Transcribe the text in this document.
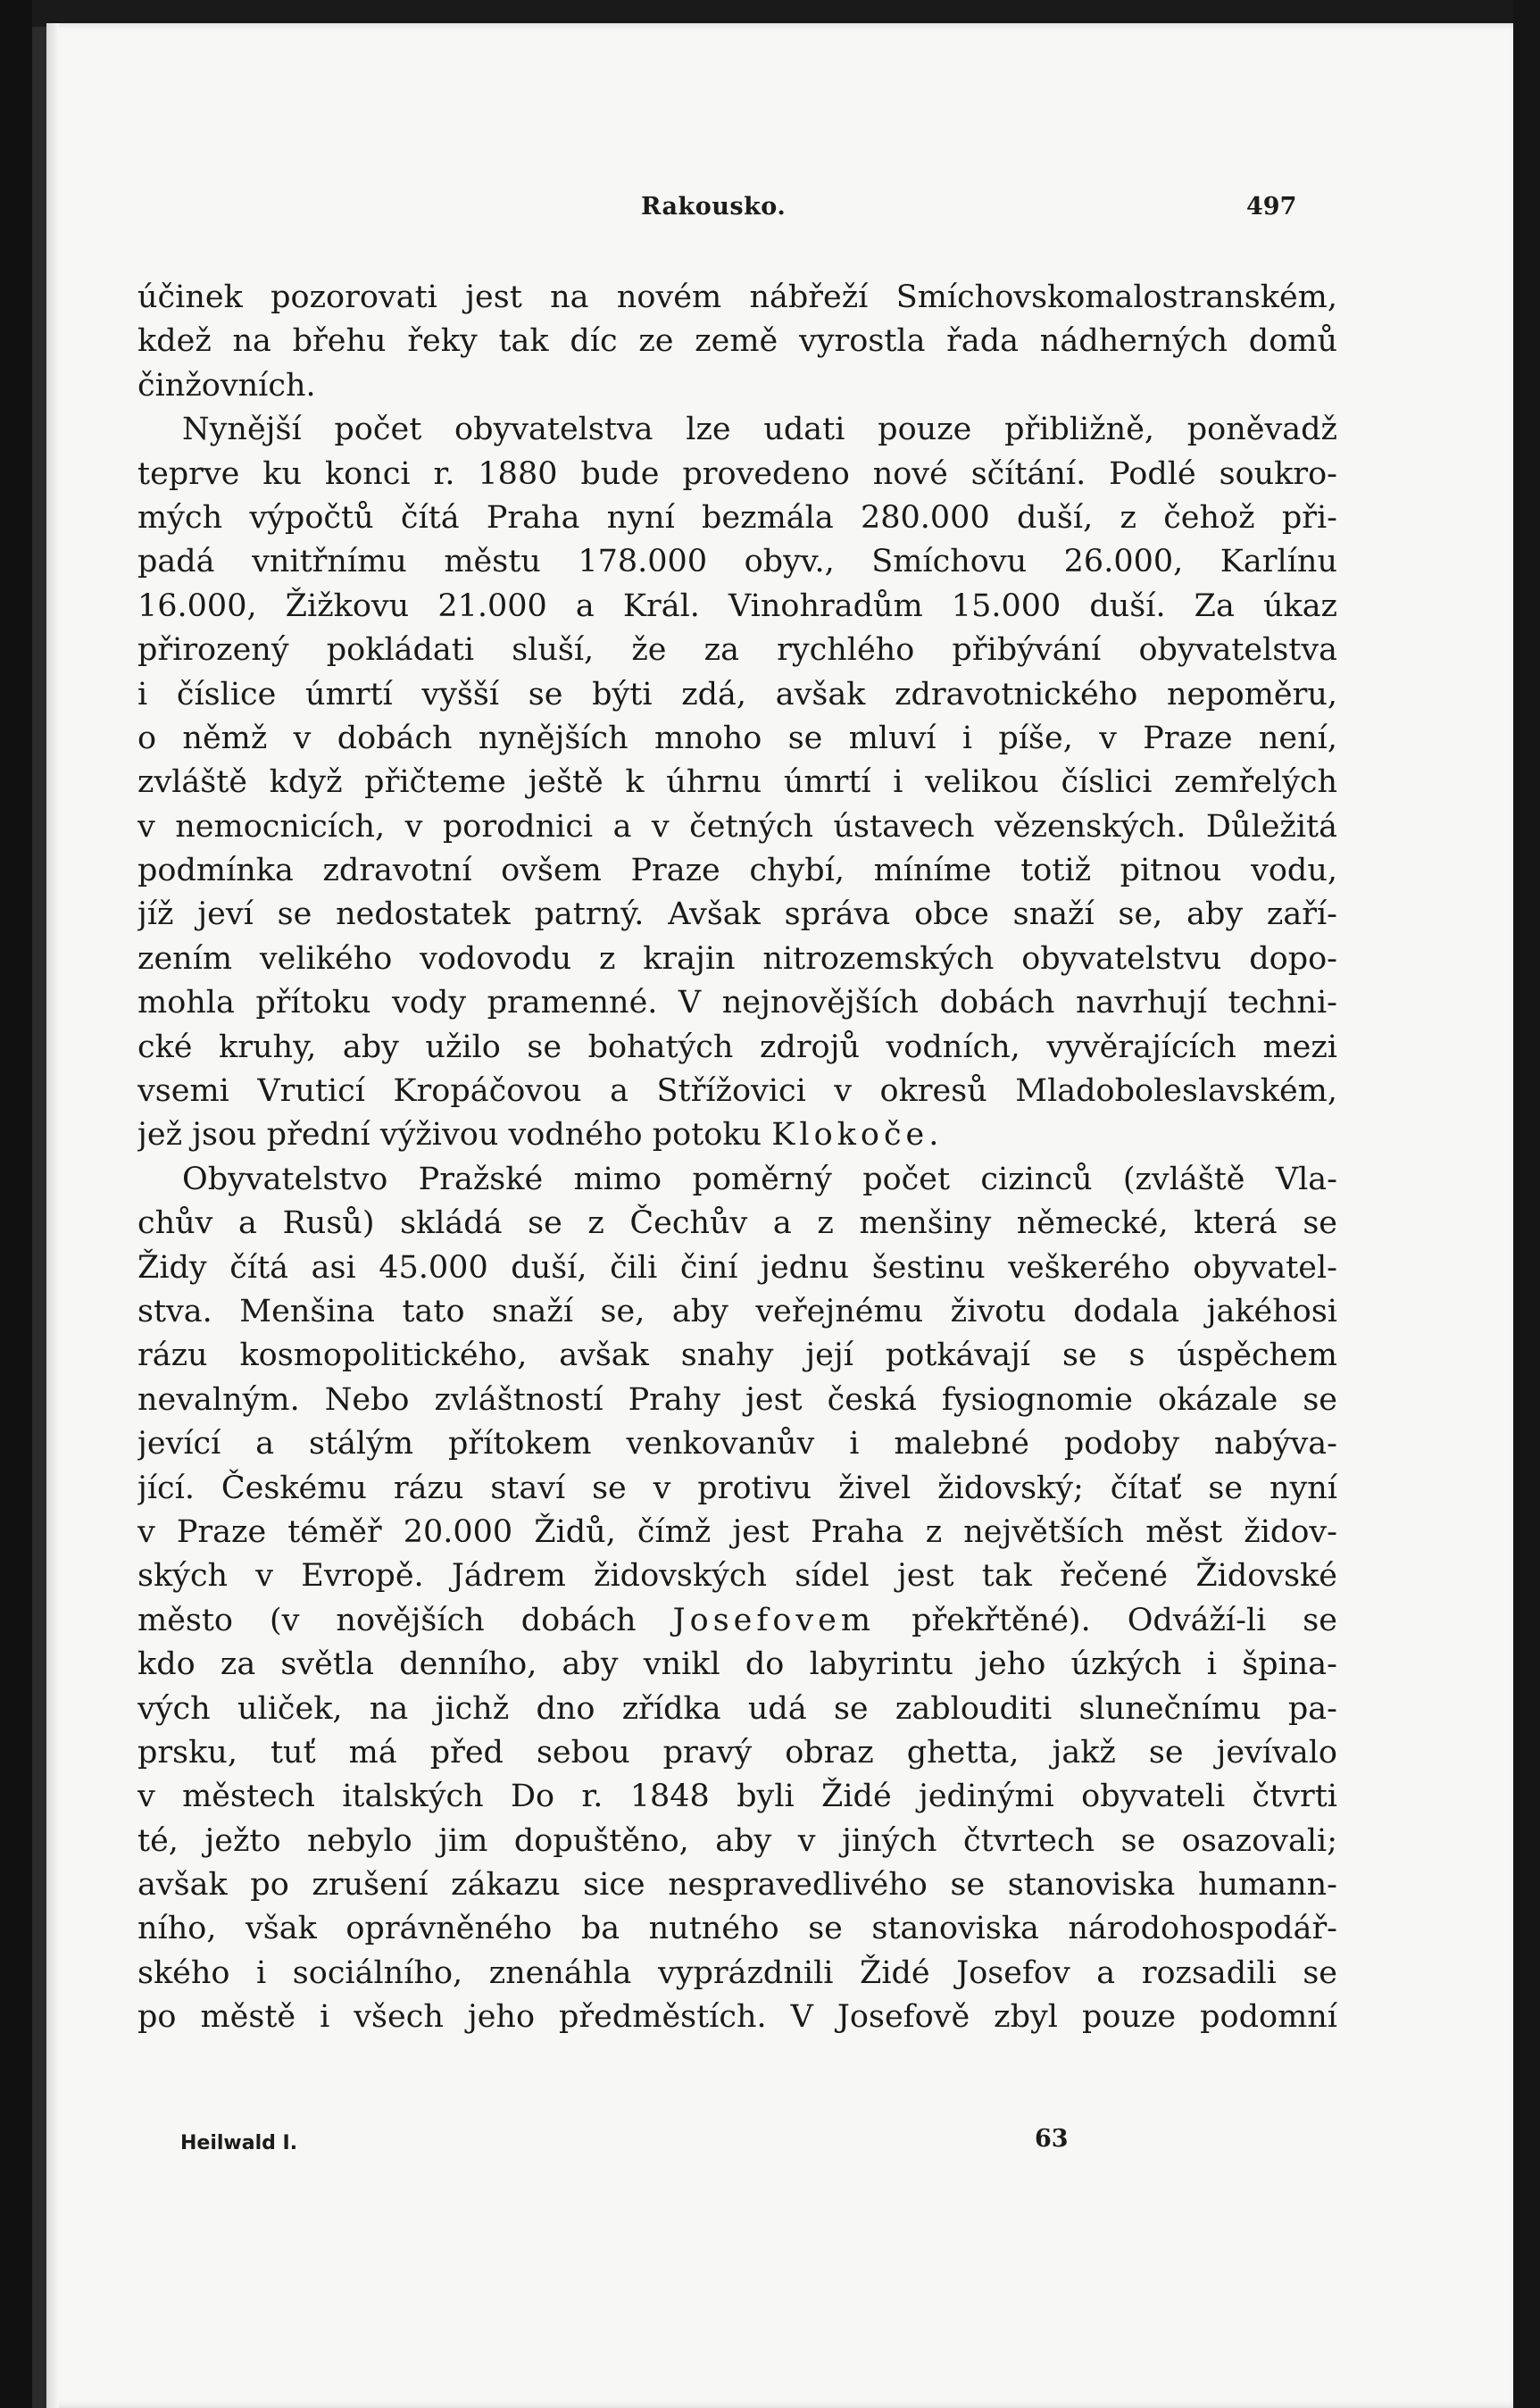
Rakousko.	497
účinek pozorovati jest na novém nábřeží Smíchovskomalostranském,
kdež na břehu řeky tak díc ze země vyrostla řada nádherných domů
činžovních.
Nynější počet obyvatelstva lze udati pouze přibližně, poněvadž
teprve ku konci r. 1880 bude provedeno nové sčítání. Podlé soukro-
mých výpočtů čítá Praha nyní bezmála 280.000 duší, z čehož při-
padá vnitřnímu městu 178.000 obyv., Smíchovu 26.000, Karlínu
16.000, Žižkovu 21.000 a Král. Vinohradům 15.000 duší. Za úkaz
přirozený pokládati sluší, že za rychlého přibývání obyvatelstva
i číslice úmrtí vyšší se býti zdá, avšak zdravotnického nepoměru,
o němž v dobách nynějších mnoho se mluví i píše, v Praze není,
zvláště když přičteme ještě k úhrnu úmrtí i velikou číslici zemřelých
v nemocnicích, v porodnici a v četných ústavech vězenských. Důležitá
podmínka zdravotní ovšem Praze chybí, míníme totiž pitnou vodu,
jíž jeví se nedostatek patrný. Avšak správa obce snaží se, aby zaří-
zením velikého vodovodu z krajin nitrozemských obyvatelstvu dopo-
mohla přítoku vody pramenné. V nejnovějších dobách navrhují techni-
cké kruhy, aby užilo se bohatých zdrojů vodních, vyvěrajících mezi
vsemi Vruticí Kropáčovou a Střížovici v okresů Mladoboleslavském,
jež jsou přední výživou vodného potoku Klokoče.
Obyvatelstvo Pražské mimo poměrný počet cizinců (zvláště Vla-
chův a Rusů) skládá se z Čechův a z menšiny německé, která se
Židy čítá asi 45.000 duší, čili činí jednu šestinu veškerého obyvatel-
stva. Menšina tato snaží se, aby veřejnému životu dodala jakéhosi
rázu kosmopolitického, avšak snahy její potkávají se s úspěchem
nevalným. Nebo zvláštností Prahy jest česká fysiognomie okázale se
jevící a stálým přítokem venkovanův i malebné podoby nabýva-
jící. Českému rázu staví se v protivu živel židovský; čítať se nyní
v Praze téměř 20.000 Židů, čímž jest Praha z největších měst židov-
ských v Evropě. Jádrem židovských sídel jest tak řečené Židovské
město (v novějších dobách Josefovem překřtěné). Odváží-li se
kdo za světla denního, aby vnikl do labyrintu jeho úzkých i špina-
vých uliček, na jichž dno zřídka udá se zablouditi slunečnímu pa-
prsku, tuť má před sebou pravý obraz ghetta, jakž se jevívalo
v městech italských Do r. 1848 byli Židé jedinými obyvateli čtvrti
té, ježto nebylo jim dopuštěno, aby v jiných čtvrtech se osazovali;
avšak po zrušení zákazu sice nespravedlivého se stanoviska humann-
ního, však oprávněného ba nutného se stanoviska národohospodář-
ského i sociálního, znenáhla vyprázdnili Židé Josefov a rozsadili se
po městě i všech jeho předměstích. V Josefově zbyl pouze podomní
Heilwald I.	63
